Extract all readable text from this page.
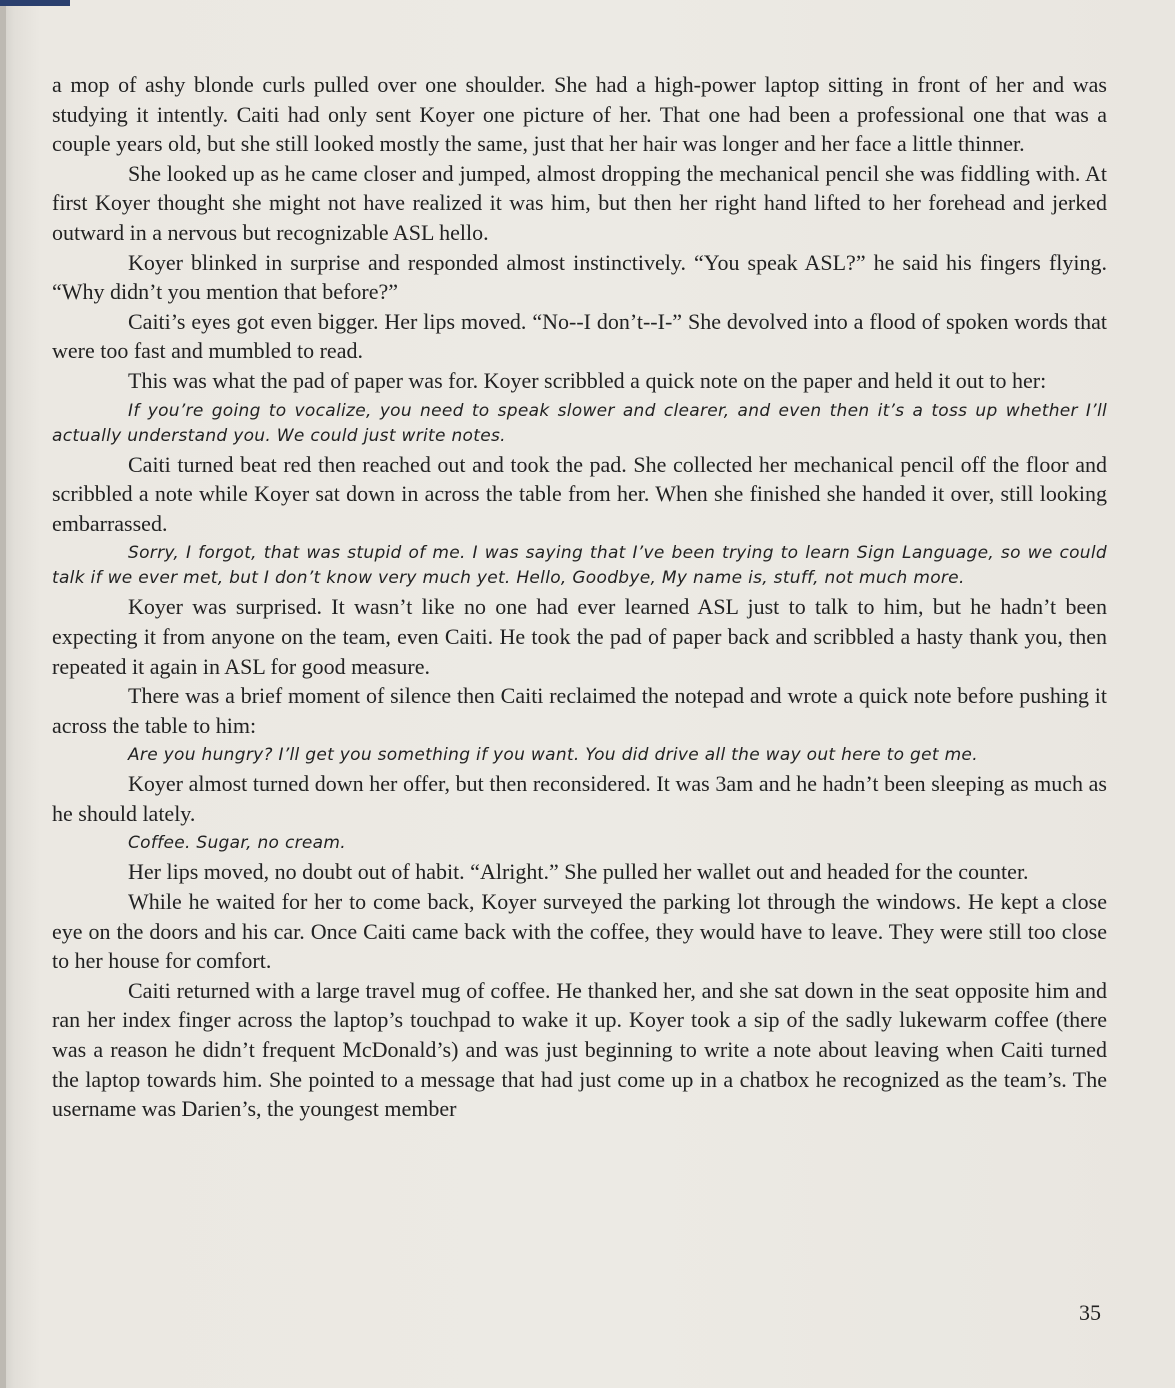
a mop of ashy blonde curls pulled over one shoulder. She had a high-power laptop sitting in front of her and was studying it intently. Caiti had only sent Koyer one picture of her. That one had been a professional one that was a couple years old, but she still looked mostly the same, just that her hair was longer and her face a little thinner.

She looked up as he came closer and jumped, almost dropping the mechanical pencil she was fiddling with. At first Koyer thought she might not have realized it was him, but then her right hand lifted to her forehead and jerked outward in a nervous but recognizable ASL hello.

Koyer blinked in surprise and responded almost instinctively. “You speak ASL?” he said his fingers flying. “Why didn’t you mention that before?”

Caiti’s eyes got even bigger. Her lips moved. “No--I don’t--I-” She devolved into a flood of spoken words that were too fast and mumbled to read.

This was what the pad of paper was for. Koyer scribbled a quick note on the paper and held it out to her:

If you’re going to vocalize, you need to speak slower and clearer, and even then it’s a toss up whether I’ll actually understand you. We could just write notes.

Caiti turned beat red then reached out and took the pad. She collected her mechanical pencil off the floor and scribbled a note while Koyer sat down in across the table from her. When she finished she handed it over, still looking embarrassed.

Sorry, I forgot, that was stupid of me. I was saying that I’ve been trying to learn Sign Language, so we could talk if we ever met, but I don’t know very much yet. Hello, Goodbye, My name is, stuff, not much more.

Koyer was surprised. It wasn’t like no one had ever learned ASL just to talk to him, but he hadn’t been expecting it from anyone on the team, even Caiti. He took the pad of paper back and scribbled a hasty thank you, then repeated it again in ASL for good measure.

There was a brief moment of silence then Caiti reclaimed the notepad and wrote a quick note before pushing it across the table to him:

Are you hungry? I’ll get you something if you want. You did drive all the way out here to get me.

Koyer almost turned down her offer, but then reconsidered. It was 3am and he hadn’t been sleeping as much as he should lately.

Coffee. Sugar, no cream.

Her lips moved, no doubt out of habit. “Alright.” She pulled her wallet out and headed for the counter.

While he waited for her to come back, Koyer surveyed the parking lot through the windows. He kept a close eye on the doors and his car. Once Caiti came back with the coffee, they would have to leave. They were still too close to her house for comfort.

Caiti returned with a large travel mug of coffee. He thanked her, and she sat down in the seat opposite him and ran her index finger across the laptop’s touchpad to wake it up. Koyer took a sip of the sadly lukewarm coffee (there was a reason he didn’t frequent McDonald’s) and was just beginning to write a note about leaving when Caiti turned the laptop towards him. She pointed to a message that had just come up in a chatbox he recognized as the team’s. The username was Darien’s, the youngest member

35
